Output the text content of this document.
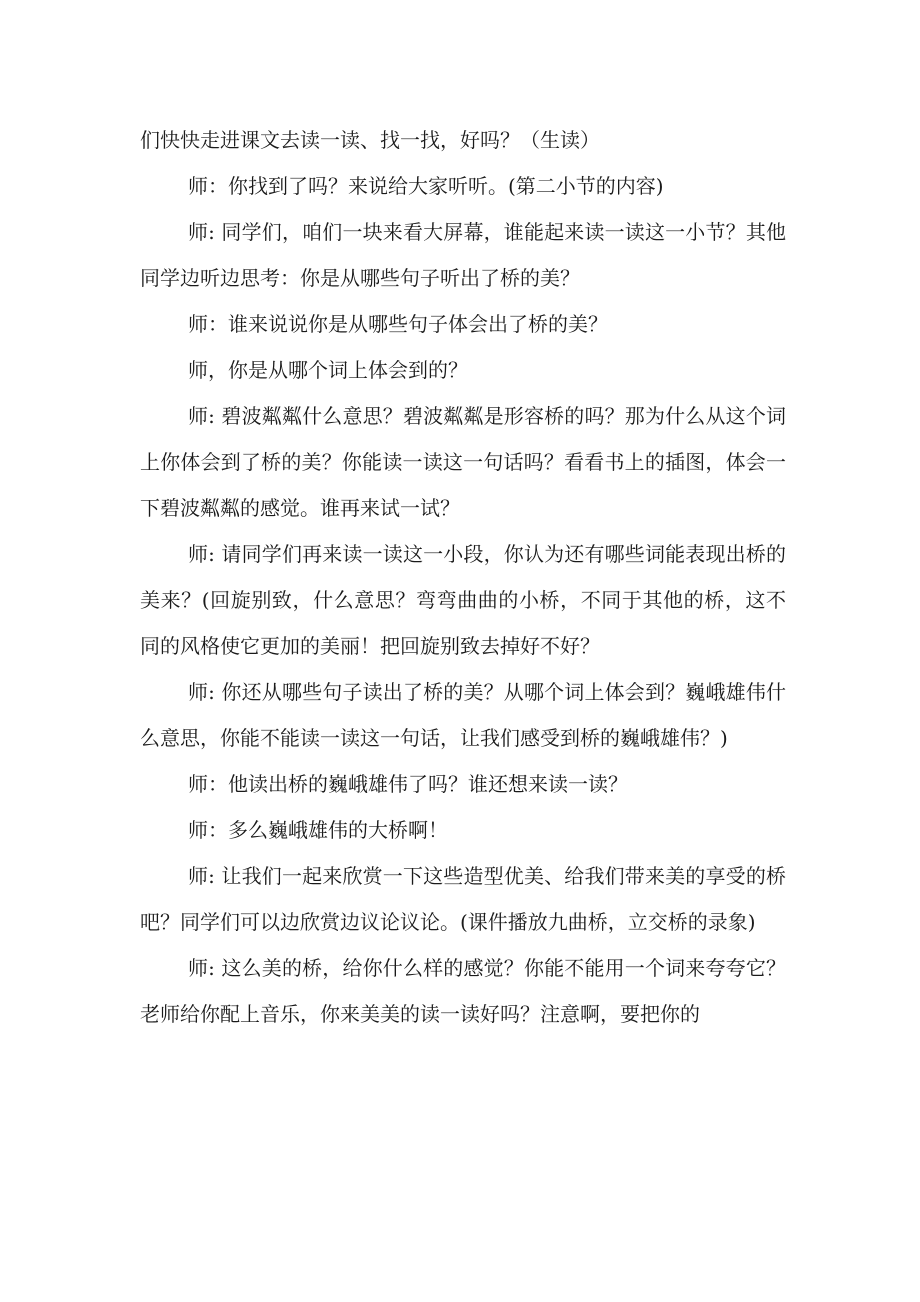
们快快走进课文去读一读、找一找，好吗？（生读）

师：你找到了吗？来说给大家听听。(第二小节的内容)

师: 同学们，咱们一块来看大屏幕，谁能起来读一读这一小节？其他同学边听边思考：你是从哪些句子听出了桥的美？

师：谁来说说你是从哪些句子体会出了桥的美？

师，你是从哪个词上体会到的？

师: 碧波粼粼什么意思？碧波粼粼是形容桥的吗？那为什么从这个词上你体会到了桥的美？你能读一读这一句话吗？看看书上的插图，体会一下碧波粼粼的感觉。谁再来试一试？

师: 请同学们再来读一读这一小段，你认为还有哪些词能表现出桥的美来？(回旋别致，什么意思？弯弯曲曲的小桥，不同于其他的桥，这不同的风格使它更加的美丽！把回旋别致去掉好不好？

师: 你还从哪些句子读出了桥的美？从哪个词上体会到？巍峨雄伟什么意思，你能不能读一读这一句话，让我们感受到桥的巍峨雄伟？)

师：他读出桥的巍峨雄伟了吗？谁还想来读一读？

师：多么巍峨雄伟的大桥啊！

师: 让我们一起来欣赏一下这些造型优美、给我们带来美的享受的桥吧？同学们可以边欣赏边议论议论。(课件播放九曲桥，立交桥的录象)

师: 这么美的桥，给你什么样的感觉？你能不能用一个词来夸夸它？老师给你配上音乐，你来美美的读一读好吗？注意啊，要把你的
